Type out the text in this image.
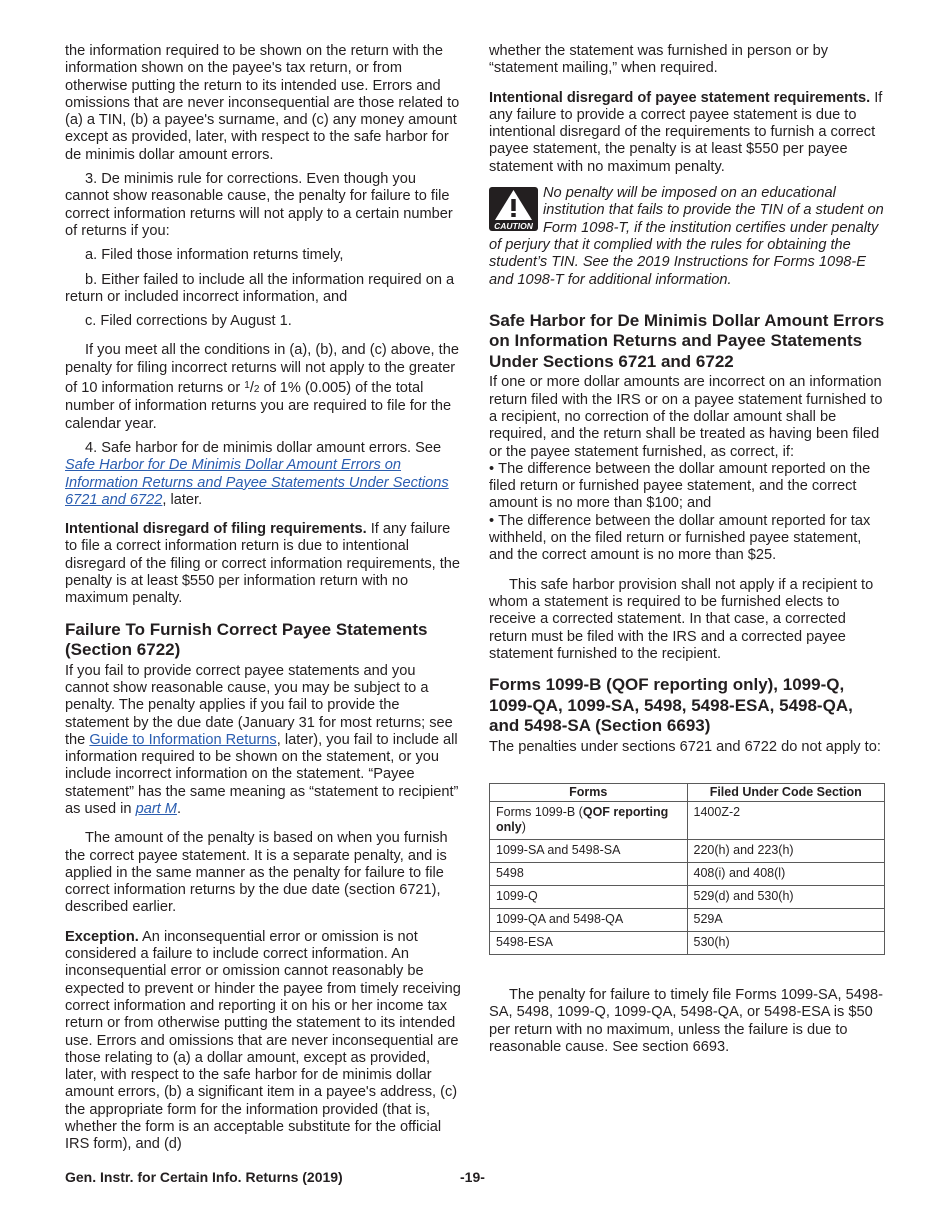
the information required to be shown on the return with the information shown on the payee's tax return, or from otherwise putting the return to its intended use. Errors and omissions that are never inconsequential are those related to (a) a TIN, (b) a payee's surname, and (c) any money amount except as provided, later, with respect to the safe harbor for de minimis dollar amount errors.

3. De minimis rule for corrections. Even though you cannot show reasonable cause, the penalty for failure to file correct information returns will not apply to a certain number of returns if you:

a. Filed those information returns timely,

b. Either failed to include all the information required on a return or included incorrect information, and

c. Filed corrections by August 1.

If you meet all the conditions in (a), (b), and (c) above, the penalty for filing incorrect returns will not apply to the greater of 10 information returns or $^1$/2 of 1% (0.005) of the total number of information returns you are required to file for the calendar year.

4. Safe harbor for de minimis dollar amount errors. See Safe Harbor for De Minimis Dollar Amount Errors on Information Returns and Payee Statements Under Sections 6721 and 6722, later.

Intentional disregard of filing requirements. If any failure to file a correct information return is due to intentional disregard of the filing or correct information requirements, the penalty is at least $550 per information return with no maximum penalty.

Failure To Furnish Correct Payee Statements (Section 6722)

If you fail to provide correct payee statements and you cannot show reasonable cause, you may be subject to a penalty. The penalty applies if you fail to provide the statement by the due date (January 31 for most returns; see the Guide to Information Returns, later), you fail to include all information required to be shown on the statement, or you include incorrect information on the statement. “Payee statement” has the same meaning as “statement to recipient” as used in part M.

The amount of the penalty is based on when you furnish the correct payee statement. It is a separate penalty, and is applied in the same manner as the penalty for failure to file correct information returns by the due date (section 6721), described earlier.

Exception. An inconsequential error or omission is not considered a failure to include correct information. An inconsequential error or omission cannot reasonably be expected to prevent or hinder the payee from timely receiving correct information and reporting it on his or her income tax return or from otherwise putting the statement to its intended use. Errors and omissions that are never inconsequential are those relating to (a) a dollar amount, except as provided, later, with respect to the safe harbor for de minimis dollar amount errors, (b) a significant item in a payee's address, (c) the appropriate form for the information provided (that is, whether the form is an acceptable substitute for the official IRS form), and (d)

whether the statement was furnished in person or by “statement mailing,” when required.

Intentional disregard of payee statement requirements. If any failure to provide a correct payee statement is due to intentional disregard of the requirements to furnish a correct payee statement, the penalty is at least $550 per payee statement with no maximum penalty.

CAUTION

No penalty will be imposed on an educational institution that fails to provide the TIN of a student on Form 1098-T, if the institution certifies under penalty of perjury that it complied with the rules for obtaining the student’s TIN. See the 2019 Instructions for Forms 1098-E and 1098-T for additional information.

Safe Harbor for De Minimis Dollar Amount Errors on Information Returns and Payee Statements Under Sections 6721 and 6722

If one or more dollar amounts are incorrect on an information return filed with the IRS or on a payee statement furnished to a recipient, no correction of the dollar amount shall be required, and the return shall be treated as having been filed or the payee statement furnished, as correct, if:

• The difference between the dollar amount reported on the filed return or furnished payee statement, and the correct amount is no more than $100; and

• The difference between the dollar amount reported for tax withheld, on the filed return or furnished payee statement, and the correct amount is no more than $25.

This safe harbor provision shall not apply if a recipient to whom a statement is required to be furnished elects to receive a corrected statement. In that case, a corrected return must be filed with the IRS and a corrected payee statement furnished to the recipient.

Forms 1099-B (QOF reporting only), 1099-Q, 1099-QA, 1099-SA, 5498, 5498-ESA, 5498-QA, and 5498-SA (Section 6693)

The penalties under sections 6721 and 6722 do not apply to:

Forms	Filed Under Code Section
Forms 1099-B (QOF reporting only)	1400Z-2
1099-SA and 5498-SA	220(h) and 223(h)
5498	408(i) and 408(l)
1099-Q	529(d) and 530(h)
1099-QA and 5498-QA	529A
5498-ESA	530(h)

The penalty for failure to timely file Forms 1099-SA, 5498-SA, 5498, 1099-Q, 1099-QA, 5498-QA, or 5498-ESA is $50 per return with no maximum, unless the failure is due to reasonable cause. See section 6693.

Gen. Instr. for Certain Info. Returns (2019)	-19-
